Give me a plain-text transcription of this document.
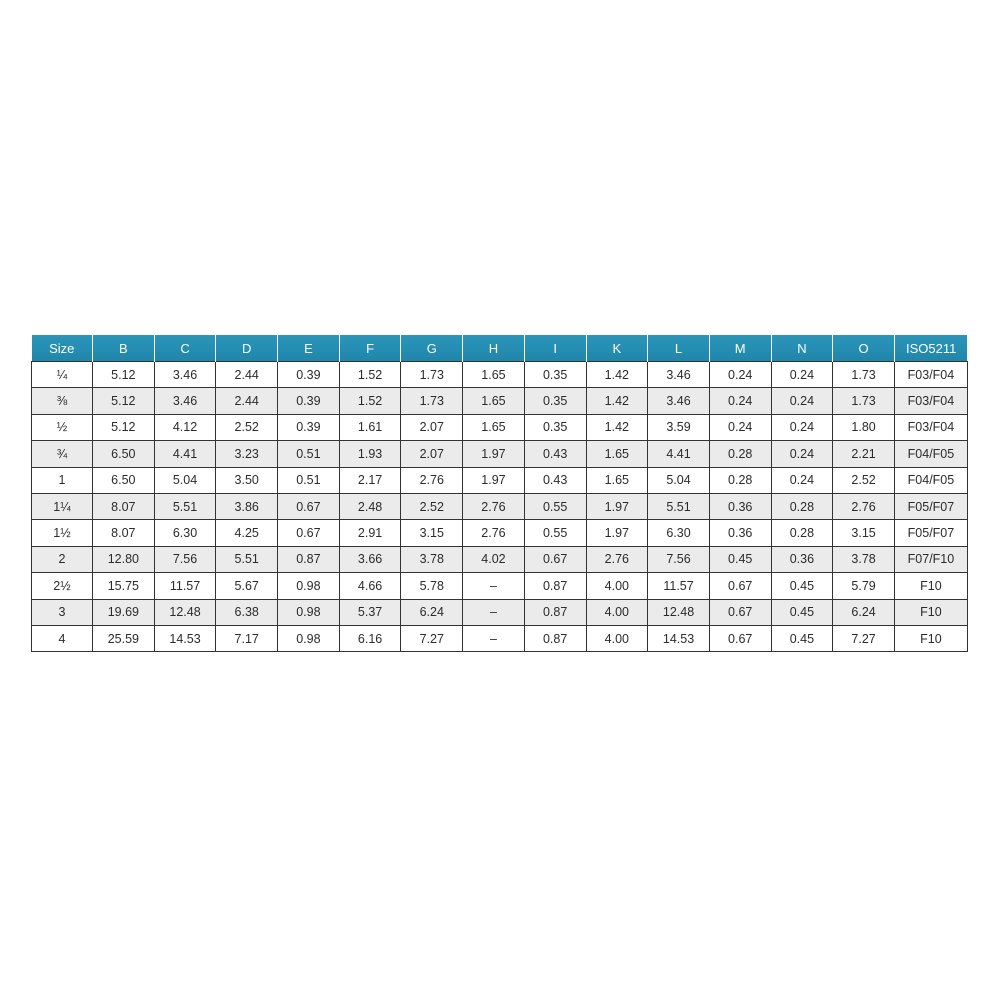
Size	B	C	D	E	F	G	H	I	K	L	M	N	O	ISO5211
¼	5.12	3.46	2.44	0.39	1.52	1.73	1.65	0.35	1.42	3.46	0.24	0.24	1.73	F03/F04
⅜	5.12	3.46	2.44	0.39	1.52	1.73	1.65	0.35	1.42	3.46	0.24	0.24	1.73	F03/F04
½	5.12	4.12	2.52	0.39	1.61	2.07	1.65	0.35	1.42	3.59	0.24	0.24	1.80	F03/F04
¾	6.50	4.41	3.23	0.51	1.93	2.07	1.97	0.43	1.65	4.41	0.28	0.24	2.21	F04/F05
1	6.50	5.04	3.50	0.51	2.17	2.76	1.97	0.43	1.65	5.04	0.28	0.24	2.52	F04/F05
1¼	8.07	5.51	3.86	0.67	2.48	2.52	2.76	0.55	1.97	5.51	0.36	0.28	2.76	F05/F07
1½	8.07	6.30	4.25	0.67	2.91	3.15	2.76	0.55	1.97	6.30	0.36	0.28	3.15	F05/F07
2	12.80	7.56	5.51	0.87	3.66	3.78	4.02	0.67	2.76	7.56	0.45	0.36	3.78	F07/F10
2½	15.75	11.57	5.67	0.98	4.66	5.78	–	0.87	4.00	11.57	0.67	0.45	5.79	F10
3	19.69	12.48	6.38	0.98	5.37	6.24	–	0.87	4.00	12.48	0.67	0.45	6.24	F10
4	25.59	14.53	7.17	0.98	6.16	7.27	–	0.87	4.00	14.53	0.67	0.45	7.27	F10
